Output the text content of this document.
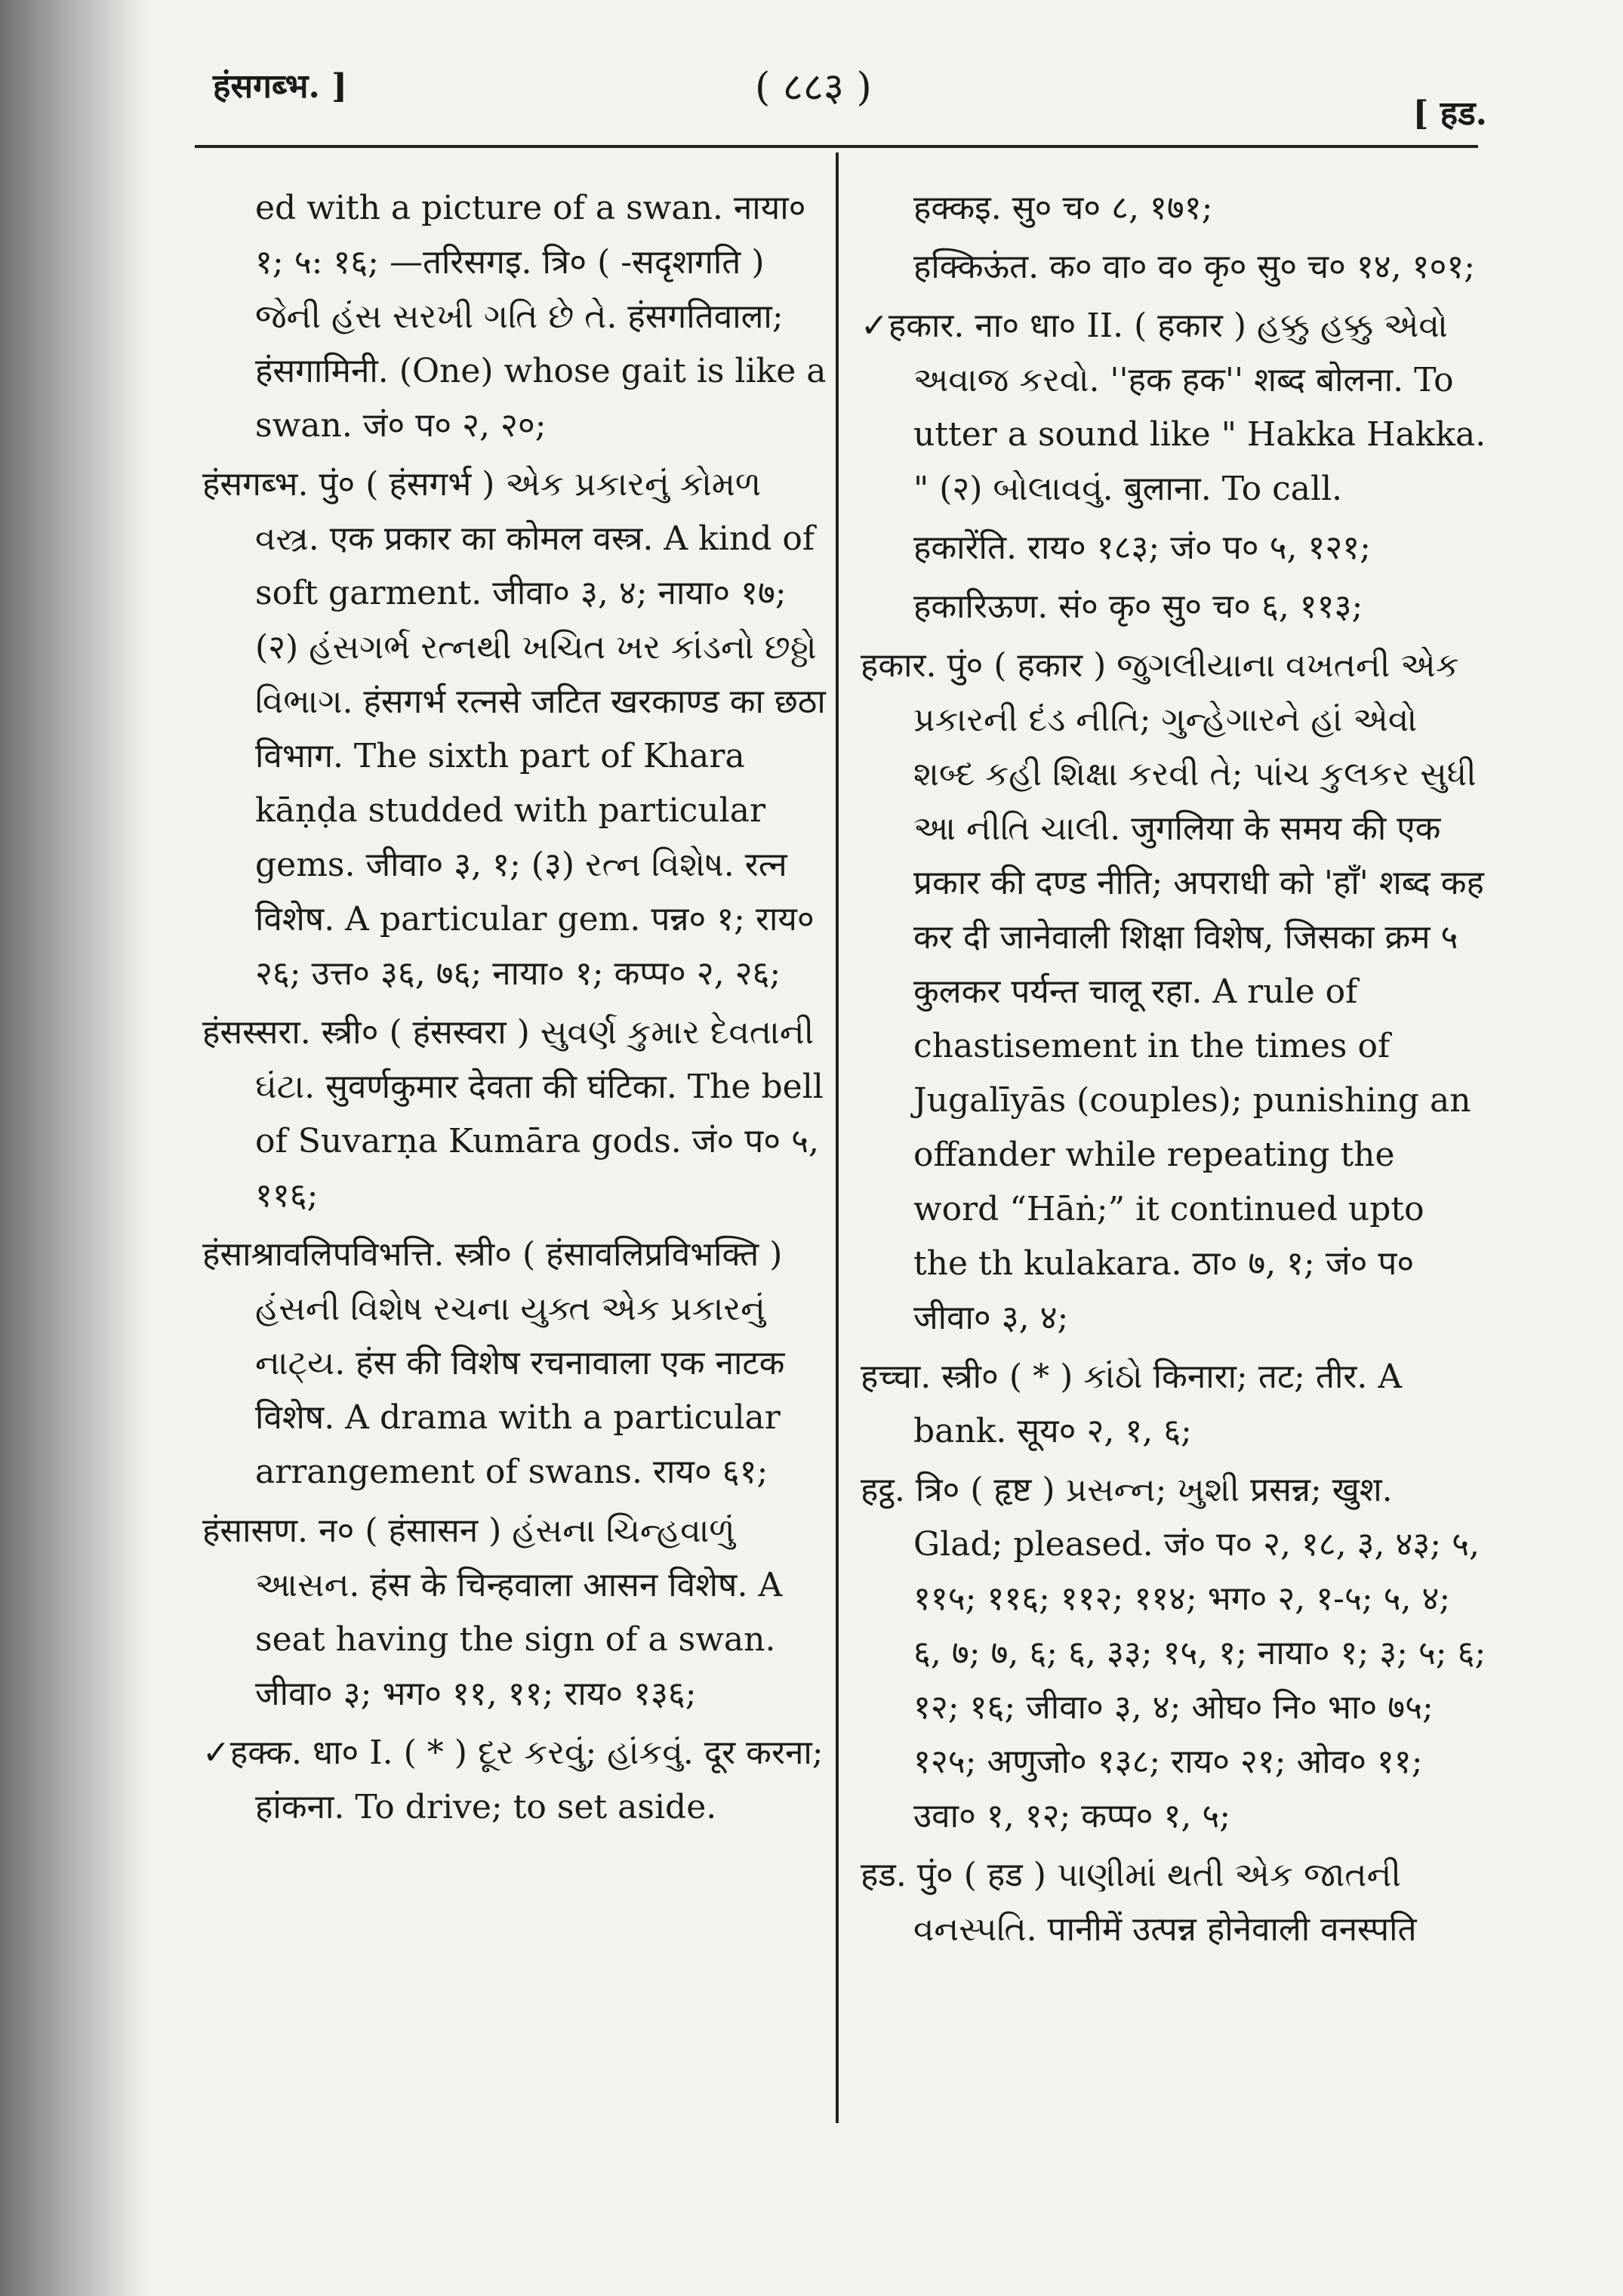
हंसगब्भ. ]	( ८८३ )
[ हड.

ed with a picture of a swan. नाया० १; ५: १६; —तरिसगइ. त्रि० ( -सदृशगति ) જેની હંસ સરખી ગતિ છે તે. हंसगतिवाला; हंसगामिनी. (One) whose gait is like a swan. जं० प० २, २०;

हंसगब्भ. पुं० ( हंसगर्भ ) એક પ્રકારનું કોમળ વસ્ત્ર. एक प्रकार का कोमल वस्त्र. A kind of soft garment. जीवा० ३, ४; नाया० १७; (२) હંસગર્ભ રત્નથી ખચિત ખર કાંડનો છઠ્ઠો વિભાગ. हंसगर्भ रत्नसे जटित खरकाण्ड का छठा विभाग. The sixth part of Khara kāṇḍa studded with particular gems. जीवा० ३, १; (३) રત્ન વિશેષ. रत्न विशेष. A particular gem. पन्न० १; राय० २६; उत्त० ३६, ७६; नाया० १; कप्प० २, २६;

हंसस्सरा. स्त्री० ( हंसस्वरा ) સુવર્ણ કુમાર દેવતાની ઘંટા. सुवर्णकुमार देवता की घंटिका. The bell of Suvarṇa Kumāra gods. जं० प० ५, ११६;

हंसाश्रावलिपविभत्ति. स्त्री० ( हंसावलिप्रविभक्ति ) હંસની વિશેષ રચના યુક્ત એક પ્રકારનું નાટ્ય. हंस की विशेष रचनावाला एक नाटक विशेष. A drama with a particular arrangement of swans. राय० ६१;

हंसासण. न० ( हंसासन ) હંસના ચિન્હવાળું આસન. हंस के चिन्हवाला आसन विशेष. A seat having the sign of a swan. जीवा० ३; भग० ११, ११; राय० १३६;

✓हक्क. धा० I. ( * ) દૂર કરવું; હાંકવું. दूर करना; हांकना. To drive; to set aside.

हक्कइ. सु० च० ८, १७१;

हक्किऊंत. क० वा० व० कृ० सु० च० १४, १०१;

✓हकार. ना० धा० II. ( हकार ) હક્કુ હક્કુ એવો અવાજ કરવો. ''हक हक'' शब्द बोलना. To utter a sound like " Hakka Hakka. " (२) બોલાવવું. बुलाना. To call.

हकारेंति. राय० १८३; जं० प० ५, १२१;

हकारिऊण. सं० कृ० सु० च० ६, ११३;

हकार. पुं० ( हकार ) જુગલીયાના વખતની એક પ્રકારની દંડ નીતિ; ગુન્હેગારને હાં એવો શબ્દ કહી શિક્ષા કરવી તે; પાંચ કુલકર સુધી આ નીતિ ચાલી. जुगलिया के समय की एक प्रकार की दण्ड नीति; अपराधी को 'हाँ' शब्द कह कर दी जानेवाली शिक्षा विशेष, जिसका क्रम ५ कुलकर पर्यन्त चालू रहा. A rule of chastisement in the times of Jugalīyās (couples); punishing an offander while repeating the word “Hāṅ;” it continued upto the th kulakara. ठा० ७, १; जं० प० जीवा० ३, ४;

हच्चा. स्त्री० ( * ) કાંઠો किनारा; तट; तीर. A bank. सूय० २, १, ६;

हट्ठ. त्रि० ( हृष्ट ) પ્રસન્ન; ખુશી प्रसन्न; खुश. Glad; pleased. जं० प० २, १८, ३, ४३; ५, ११५; ११६; ११२; ११४; भग० २, १-५; ५, ४; ६, ७; ७, ६; ६, ३३; १५, १; नाया० १; ३; ५; ६; १२; १६; जीवा० ३, ४; ओघ० नि० भा० ७५; १२५; अणुजो० १३८; राय० २१; ओव० ११; उवा० १, १२; कप्प० १, ५;

हड. पुं० ( हड ) પાણીમાં થતી એક જાતની વનસ્પતિ. पानीमें उत्पन्न होनेवाली वनस्पति
